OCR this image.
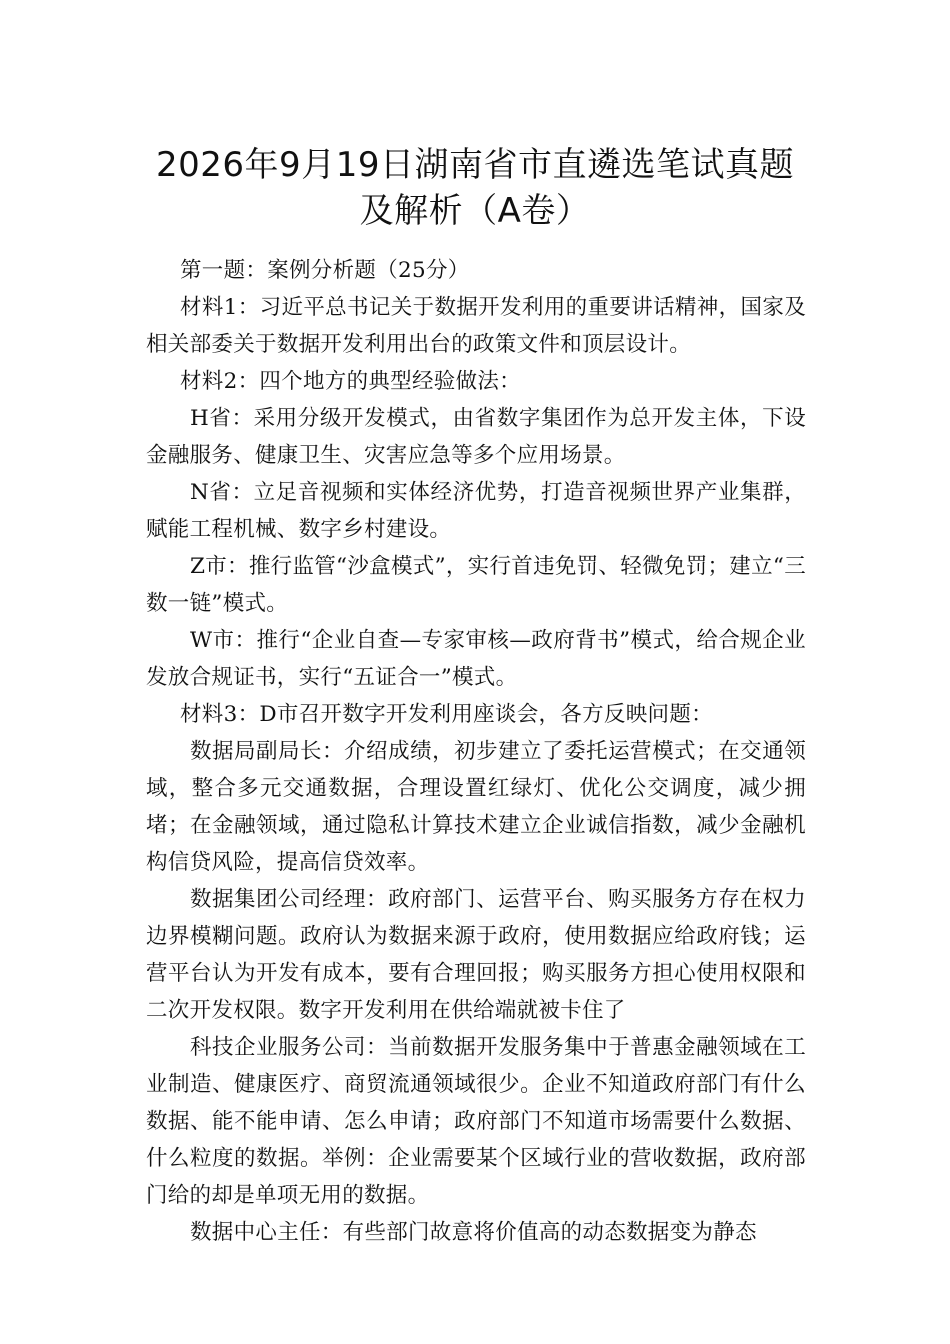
2026年9月19日湖南省市直遴选笔试真题
及解析（A卷）

第一题：案例分析题（25分）

材料1：习近平总书记关于数据开发利用的重要讲话精神，国家及相关部委关于数据开发利用出台的政策文件和顶层设计。

材料2：四个地方的典型经验做法：

H省：采用分级开发模式，由省数字集团作为总开发主体，下设金融服务、健康卫生、灾害应急等多个应用场景。

N省：立足音视频和实体经济优势，打造音视频世界产业集群，赋能工程机械、数字乡村建设。

Z市：推行监管“沙盒模式”，实行首违免罚、轻微免罚；建立“三数一链”模式。

W市：推行“企业自查—专家审核—政府背书”模式，给合规企业发放合规证书，实行“五证合一”模式。

材料3：D市召开数字开发利用座谈会，各方反映问题：

数据局副局长：介绍成绩，初步建立了委托运营模式；在交通领域，整合多元交通数据，合理设置红绿灯、优化公交调度，减少拥堵；在金融领域，通过隐私计算技术建立企业诚信指数，减少金融机构信贷风险，提高信贷效率。

数据集团公司经理：政府部门、运营平台、购买服务方存在权力边界模糊问题。政府认为数据来源于政府，使用数据应给政府钱；运营平台认为开发有成本，要有合理回报；购买服务方担心使用权限和二次开发权限。数字开发利用在供给端就被卡住了

科技企业服务公司：当前数据开发服务集中于普惠金融领域在工业制造、健康医疗、商贸流通领域很少。企业不知道政府部门有什么数据、能不能申请、怎么申请；政府部门不知道市场需要什么数据、什么粒度的数据。举例：企业需要某个区域行业的营收数据，政府部门给的却是单项无用的数据。

数据中心主任：有些部门故意将价值高的动态数据变为静态
